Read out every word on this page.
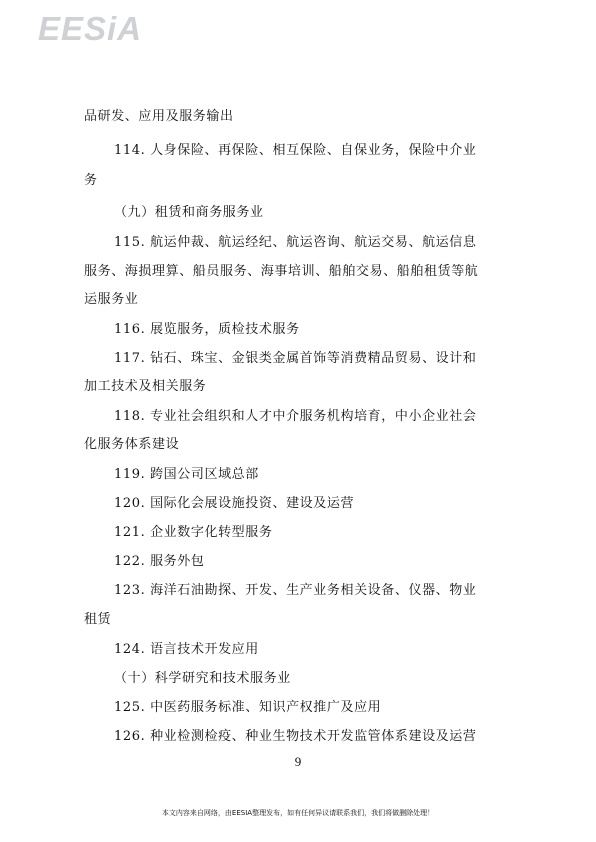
EESiA
品研发、应用及服务输出
114. 人身保险、再保险、相互保险、自保业务，保险中介业
务
（九）租赁和商务服务业
115. 航运仲裁、航运经纪、航运咨询、航运交易、航运信息
服务、海损理算、船员服务、海事培训、船舶交易、船舶租赁等航
运服务业
116. 展览服务，质检技术服务
117. 钻石、珠宝、金银类金属首饰等消费精品贸易、设计和
加工技术及相关服务
118. 专业社会组织和人才中介服务机构培育，中小企业社会
化服务体系建设
119. 跨国公司区域总部
120. 国际化会展设施投资、建设及运营
121. 企业数字化转型服务
122. 服务外包
123. 海洋石油勘探、开发、生产业务相关设备、仪器、物业
租赁
124. 语言技术开发应用
（十）科学研究和技术服务业
125. 中医药服务标准、知识产权推广及应用
126. 种业检测检疫、种业生物技术开发监管体系建设及运营
9
本文内容来自网络，由EESIA整理发布，如有任何异议请联系我们，我们将做删除处理！
